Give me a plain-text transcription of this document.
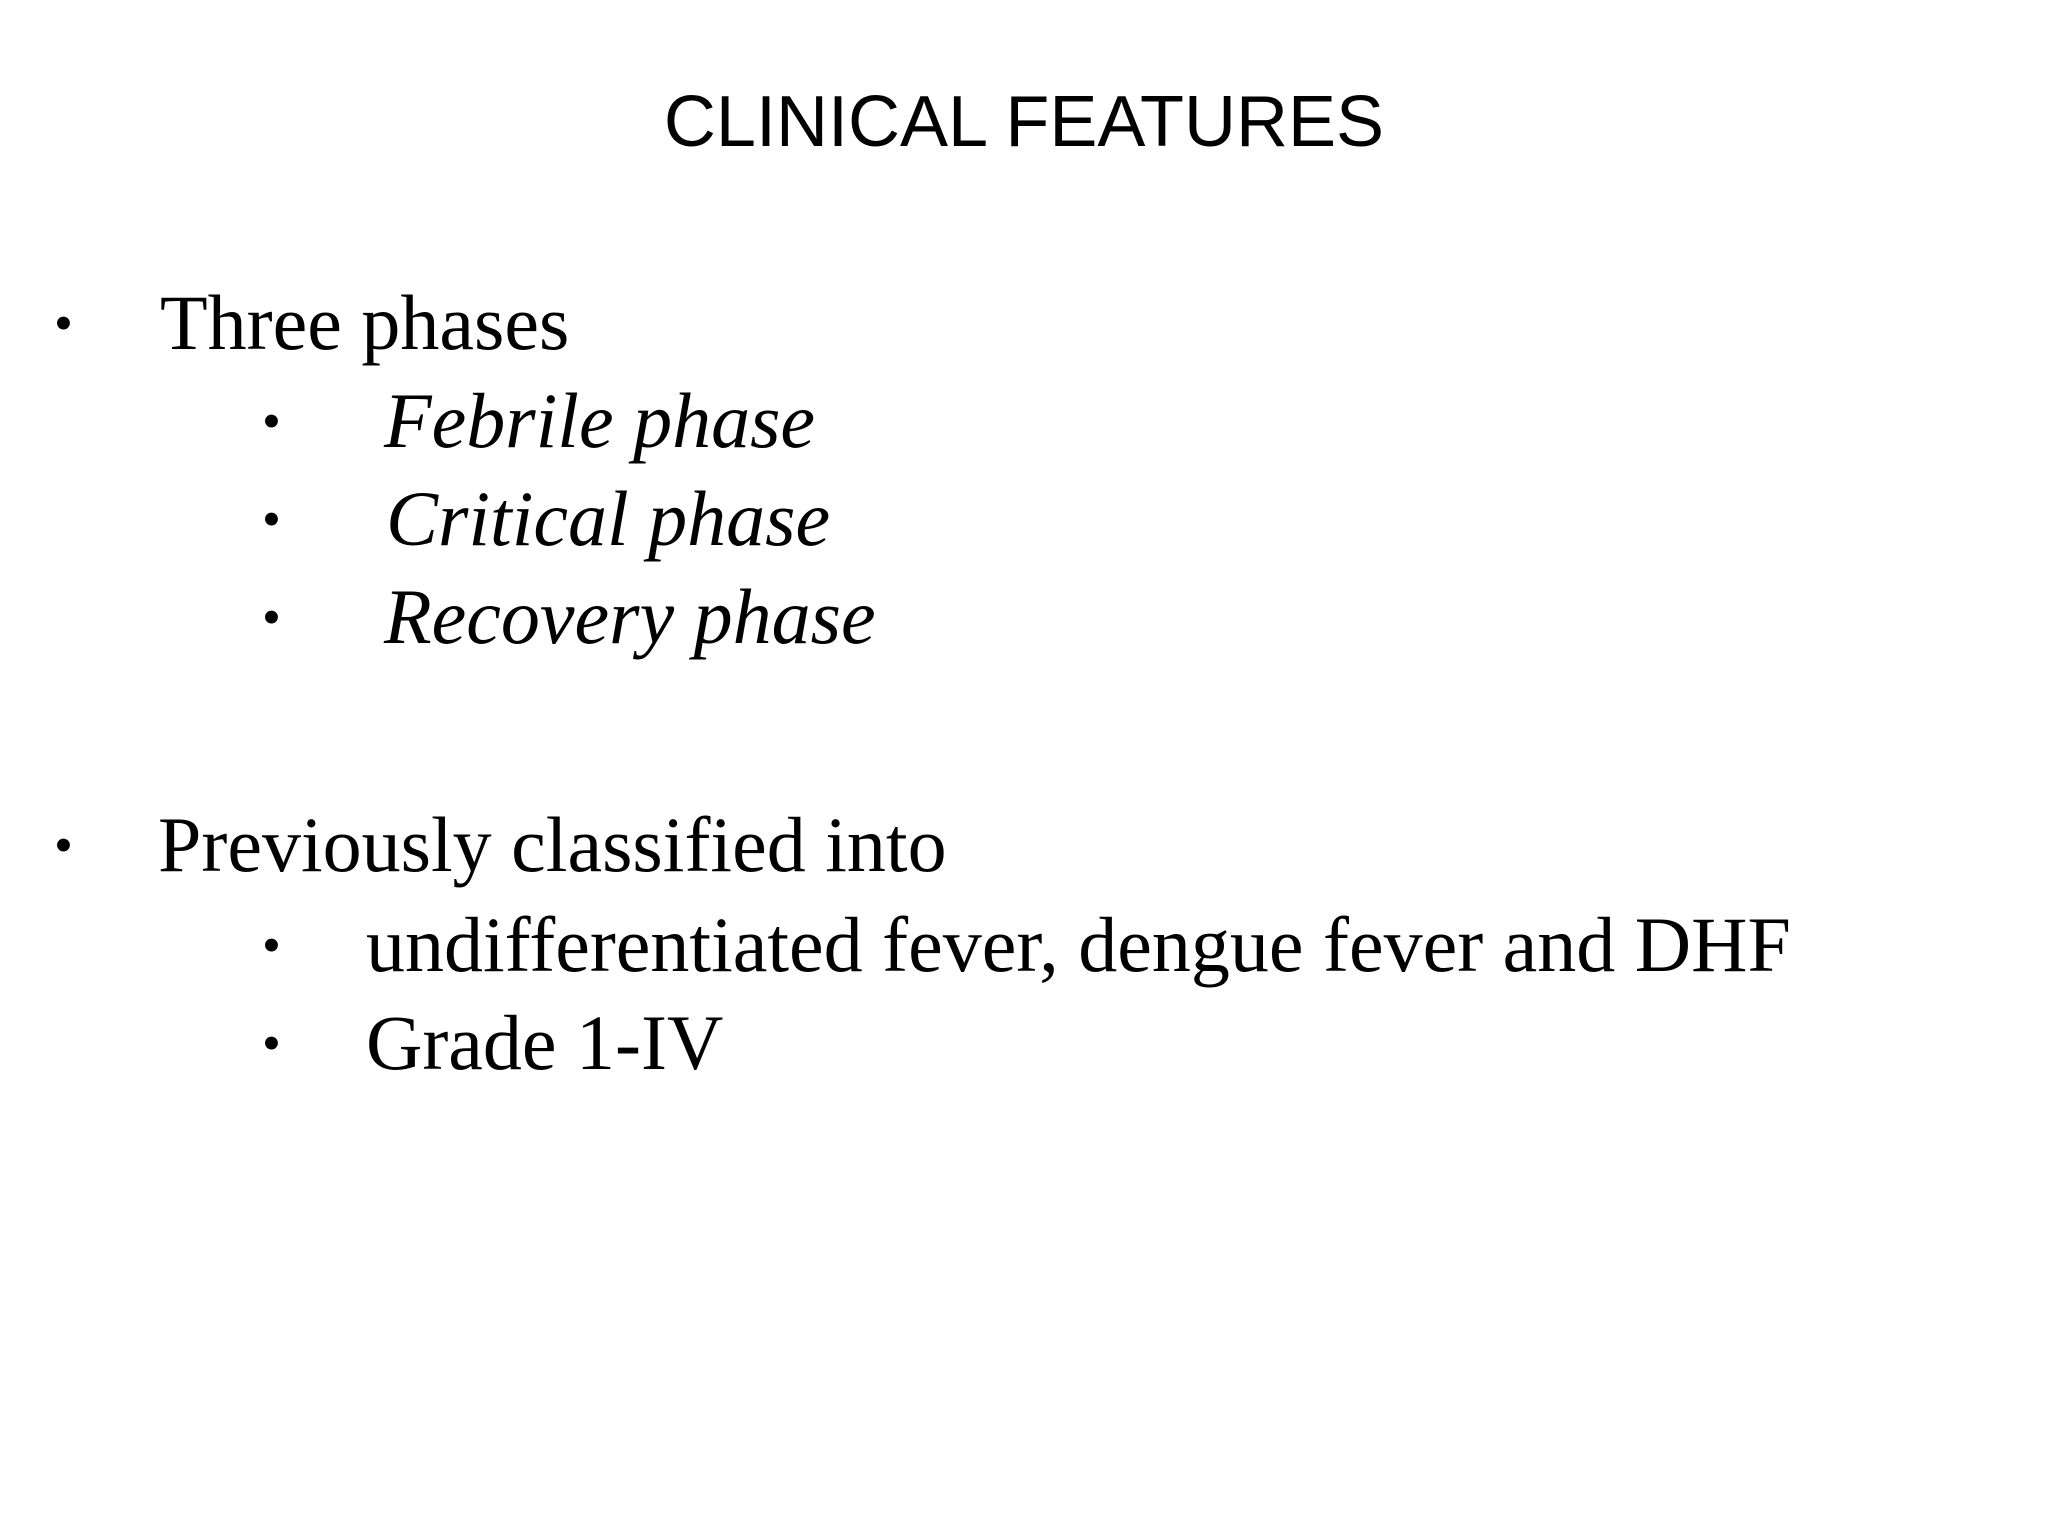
CLINICAL FEATURES
• Three phases
• Febrile phase
• Critical phase
• Recovery phase
• Previously classified into
• undifferentiated fever, dengue fever and DHF
• Grade 1-IV
